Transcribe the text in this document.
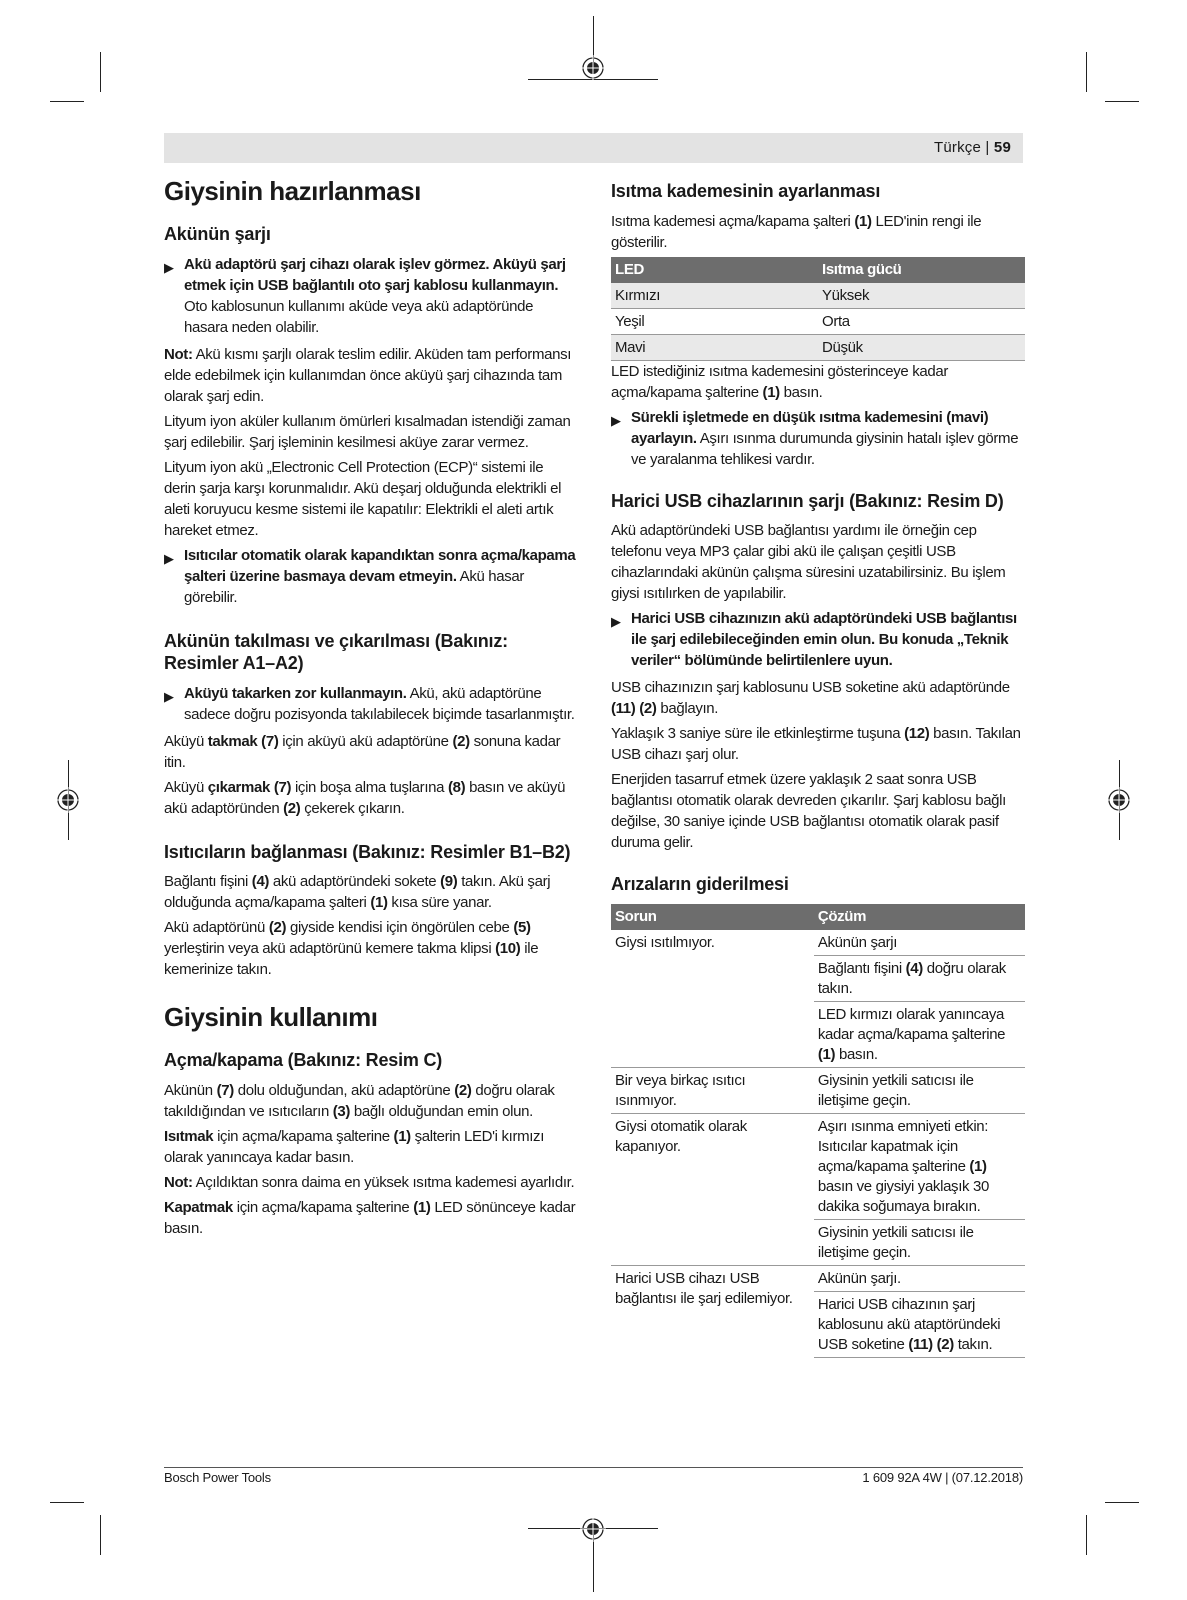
Türkçe | 59
Giysinin hazırlanması
Akünün şarjı
▶ Akü adaptörü şarj cihazı olarak işlev görmez. Aküyü şarj etmek için USB bağlantılı oto şarj kablosu kullanmayın. Oto kablosunun kullanımı aküde veya akü adaptöründe hasara neden olabilir.

Not: Akü kısmı şarjlı olarak teslim edilir. Aküden tam performansı elde edebilmek için kullanımdan önce aküyü şarj cihazında tam olarak şarj edin.

Lityum iyon aküler kullanım ömürleri kısalmadan istendiği zaman şarj edilebilir. Şarj işleminin kesilmesi aküye zarar vermez.

Lityum iyon akü „Electronic Cell Protection (ECP)“ sistemi ile derin şarja karşı korunmalıdır. Akü deşarj olduğunda elektrikli el aleti koruyucu kesme sistemi ile kapatılır: Elektrikli el aleti artık hareket etmez.

▶ Isıtıcılar otomatik olarak kapandıktan sonra açma/kapama şalteri üzerine basmaya devam etmeyin. Akü hasar görebilir.
Akünün takılması ve çıkarılması (Bakınız: Resimler A1–A2)
▶ Aküyü takarken zor kullanmayın. Akü, akü adaptörüne sadece doğru pozisyonda takılabilecek biçimde tasarlanmıştır.

Aküyü takmak (7) için aküyü akü adaptörüne (2) sonuna kadar itin.

Aküyü çıkarmak (7) için boşa alma tuşlarına (8) basın ve aküyü akü adaptöründen (2) çekerek çıkarın.

Isıtıcıların bağlanması (Bakınız: Resimler B1–B2)

Bağlantı fişini (4) akü adaptöründeki sokete (9) takın. Akü şarj olduğunda açma/kapama şalteri (1) kısa süre yanar.

Akü adaptörünü (2) giyside kendisi için öngörülen cebe (5) yerleştirin veya akü adaptörünü kemere takma klipsi (10) ile kemerinize takın.

Giysinin kullanımı
Açma/kapama (Bakınız: Resim C)

Akünün (7) dolu olduğundan, akü adaptörüne (2) doğru olarak takıldığından ve ısıtıcıların (3) bağlı olduğundan emin olun.

Isıtmak için açma/kapama şalterine (1) şalterin LED'i kırmızı olarak yanıncaya kadar basın.

Not: Açıldıktan sonra daima en yüksek ısıtma kademesi ayarlıdır.

Kapatmak için açma/kapama şalterine (1) LED sönünceye kadar basın.

Isıtma kademesinin ayarlanması

Isıtma kademesi açma/kapama şalteri (1) LED'inin rengi ile gösterilir.

LED	Isıtma gücü
Kırmızı	Yüksek
Yeşil	Orta
Mavi	Düşük

LED istediğiniz ısıtma kademesini gösterinceye kadar açma/kapama şalterine (1) basın.

▶ Sürekli işletmede en düşük ısıtma kademesini (mavi) ayarlayın. Aşırı ısınma durumunda giysinin hatalı işlev görme ve yaralanma tehlikesi vardır.
Harici USB cihazlarının şarjı (Bakınız: Resim D)

Akü adaptöründeki USB bağlantısı yardımı ile örneğin cep telefonu veya MP3 çalar gibi akü ile çalışan çeşitli USB cihazlarındaki akünün çalışma süresini uzatabilirsiniz. Bu işlem giysi ısıtılırken de yapılabilir.

▶ Harici USB cihazınızın akü adaptöründeki USB bağlantısı ile şarj edilebileceğinden emin olun. Bu konuda „Teknik veriler“ bölümünde belirtilenlere uyun.

USB cihazınızın şarj kablosunu USB soketine akü adaptöründe (11) (2) bağlayın.

Yaklaşık 3 saniye süre ile etkinleştirme tuşuna (12) basın. Takılan USB cihazı şarj olur.

Enerjiden tasarruf etmek üzere yaklaşık 2 saat sonra USB bağlantısı otomatik olarak devreden çıkarılır. Şarj kablosu bağlı değilse, 30 saniye içinde USB bağlantısı otomatik olarak pasif duruma gelir.

Arızaların giderilmesi
Sorun	Çözüm
Giysi ısıtılmıyor.	Akünün şarjı
	Bağlantı fişini (4) doğru olarak takın.
	LED kırmızı olarak yanıncaya kadar açma/kapama şalterine (1) basın.
Bir veya birkaç ısıtıcı ısınmıyor.	Giysinin yetkili satıcısı ile iletişime geçin.
Giysi otomatik olarak kapanıyor.	Aşırı ısınma emniyeti etkin: Isıtıcılar kapatmak için açma/kapama şalterine (1) basın ve giysiyi yaklaşık 30 dakika soğumaya bırakın.
	Giysinin yetkili satıcısı ile iletişime geçin.
Harici USB cihazı USB bağlantısı ile şarj edilemiyor.	Akünün şarjı.
	Harici USB cihazının şarj kablosunu akü ataptöründeki USB soketine (11) (2) takın.
Bosch Power Tools	1 609 92A 4W | (07.12.2018)
